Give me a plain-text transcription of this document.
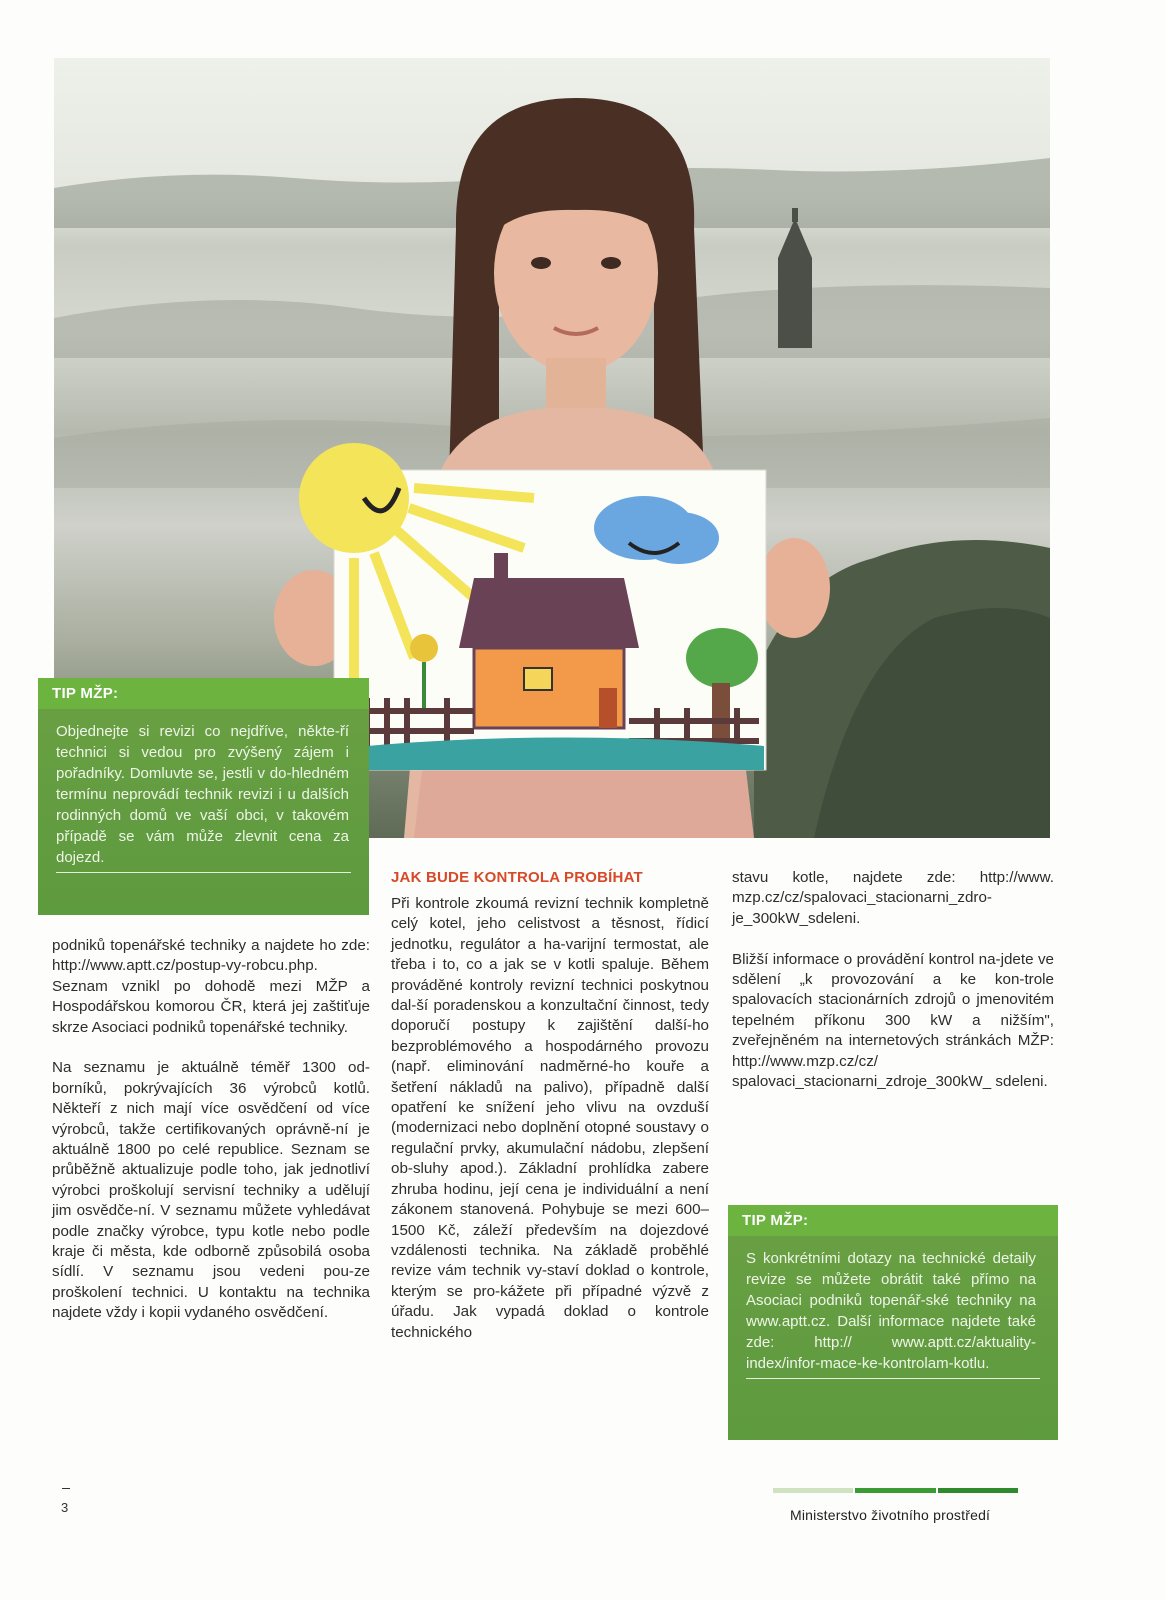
TIP MŽP:
Objednejte si revizi co nejdříve, někte-ří technici si vedou pro zvýšený zájem i pořadníky. Domluvte se, jestli v do-hledném termínu neprovádí technik revizi i u dalších rodinných domů ve vaší obci, v takovém případě se vám může zlevnit cena za dojezd.

podniků topenářské techniky a najdete ho zde: http://www.aptt.cz/postup-vy-robcu.php. Seznam vznikl po dohodě mezi MŽP a Hospodářskou komorou ČR, která jej zaštiťuje skrze Asociaci podniků topenářské techniky.

Na seznamu je aktuálně téměř 1300 od-borníků, pokrývajících 36 výrobců kotlů. Někteří z nich mají více osvědčení od více výrobců, takže certifikovaných oprávně-ní je aktuálně 1800 po celé republice. Seznam se průběžně aktualizuje podle toho, jak jednotliví výrobci proškolují servisní techniky a udělují jim osvědče-ní. V seznamu můžete vyhledávat podle značky výrobce, typu kotle nebo podle kraje či města, kde odborně způsobilá osoba sídlí. V seznamu jsou vedeni pou-ze proškolení technici. U kontaktu na technika najdete vždy i kopii vydaného osvědčení.

JAK BUDE KONTROLA PROBÍHAT

Při kontrole zkoumá revizní technik kompletně celý kotel, jeho celistvost a těsnost, řídicí jednotku, regulátor a ha-varijní termostat, ale třeba i to, co a jak se v kotli spaluje. Během prováděné kontroly revizní technici poskytnou dal-ší poradenskou a konzultační činnost, tedy doporučí postupy k zajištění další-ho bezproblémového a hospodárného provozu (např. eliminování nadměrné-ho kouře a šetření nákladů na palivo), případně další opatření ke snížení jeho vlivu na ovzduší (modernizaci nebo doplnění otopné soustavy o regulační prvky, akumulační nádobu, zlepšení ob-sluhy apod.). Základní prohlídka zabere zhruba hodinu, její cena je individuální a není zákonem stanovená. Pohybuje se mezi 600–1500 Kč, záleží především na dojezdové vzdálenosti technika. Na základě proběhlé revize vám technik vy-staví doklad o kontrole, kterým se pro-kážete při případné výzvě z úřadu. Jak vypadá doklad o kontrole technického

stavu kotle, najdete zde: http://www. mzp.cz/cz/spalovaci_stacionarni_zdro-je_300kW_sdeleni.

Bližší informace o provádění kontrol na-jdete ve sdělení „k provozování a ke kon-trole spalovacích stacionárních zdrojů o jmenovitém tepelném příkonu 300 kW a nižším", zveřejněném na internetových stránkách MŽP: http://www.mzp.cz/cz/ spalovaci_stacionarni_zdroje_300kW_ sdeleni.

TIP MŽP:
S konkrétními dotazy na technické detaily revize se můžete obrátit také přímo na Asociaci podniků topenář-ské techniky na www.aptt.cz. Další informace najdete také zde: http:// www.aptt.cz/aktuality-index/infor-mace-ke-kontrolam-kotlu.
3	Ministerstvo životního prostředí
